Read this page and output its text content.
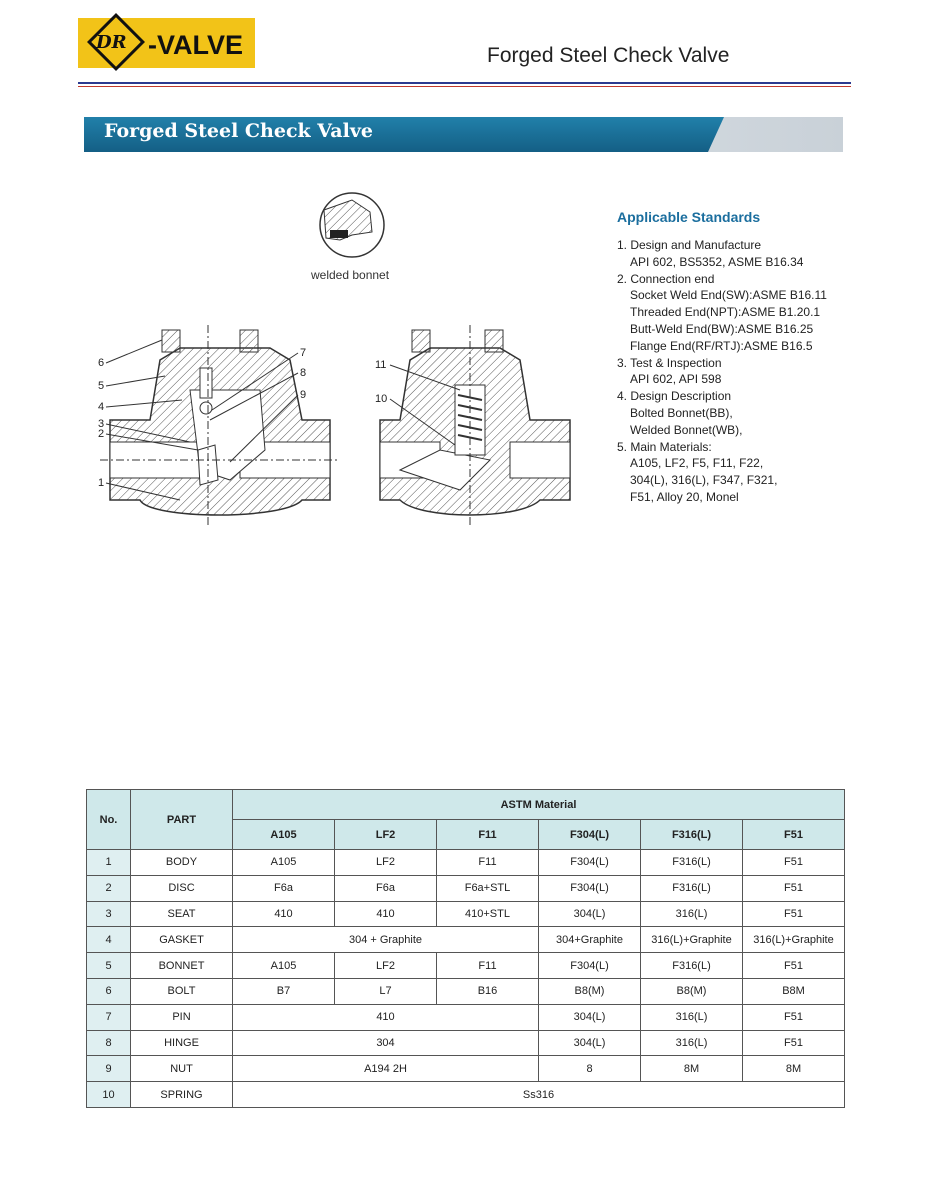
DR -VALVE	Forged Steel Check Valve
Forged Steel Check Valve
6
5
4
3
2
1
7
8
9
11
10
welded bonnet
Applicable Standards
1. Design and Manufacture
API 602, BS5352, ASME B16.34
2. Connection end
Socket Weld End(SW):ASME B16.11
Threaded End(NPT):ASME B1.20.1
Butt-Weld End(BW):ASME B16.25
Flange End(RF/RTJ):ASME B16.5
3. Test & Inspection
API 602, API 598
4. Design Description
Bolted Bonnet(BB),
Welded Bonnet(WB),
5. Main Materials:
A105, LF2, F5, F11, F22,
304(L), 316(L), F347, F321,
F51, Alloy 20, Monel
No.	PART	ASTM Material					
		A105	LF2	F11	F304(L)	F316(L)	F51
1	BODY	A105	LF2	F11	F304(L)	F316(L)	F51
2	DISC	F6a	F6a	F6a+STL	F304(L)	F316(L)	F51
3	SEAT	410	410	410+STL	304(L)	316(L)	F51
4	GASKET	304 + Graphite			304+Graphite	316(L)+Graphite	316(L)+Graphite
5	BONNET	A105	LF2	F11	F304(L)	F316(L)	F51
6	BOLT	B7	L7	B16	B8(M)	B8(M)	B8M
7	PIN	410			304(L)	316(L)	F51
8	HINGE	304			304(L)	316(L)	F51
9	NUT	A194 2H			8	8M	8M
10	SPRING	Ss316					
